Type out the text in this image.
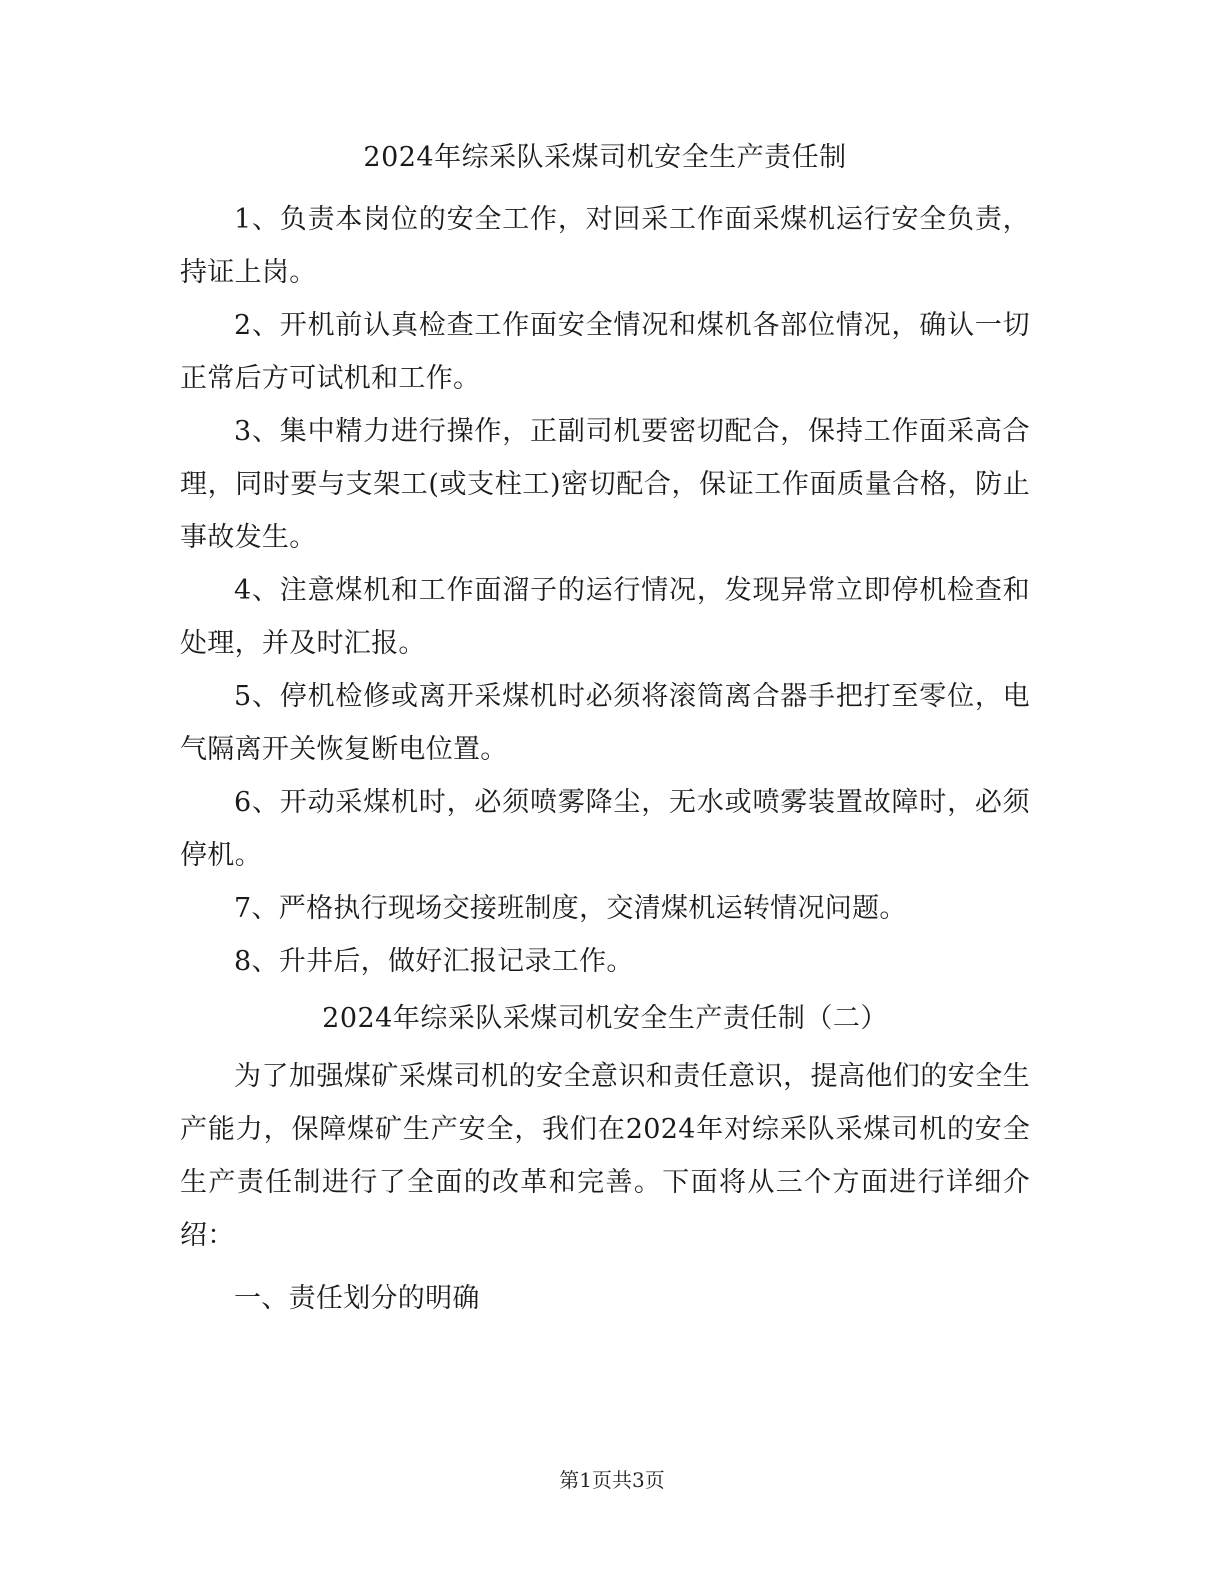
2024年综采队采煤司机安全生产责任制

1、负责本岗位的安全工作，对回采工作面采煤机运行安全负责，持证上岗。

2、开机前认真检查工作面安全情况和煤机各部位情况，确认一切正常后方可试机和工作。

3、集中精力进行操作，正副司机要密切配合，保持工作面采高合理，同时要与支架工(或支柱工)密切配合，保证工作面质量合格，防止事故发生。

4、注意煤机和工作面溜子的运行情况，发现异常立即停机检查和处理，并及时汇报。

5、停机检修或离开采煤机时必须将滚筒离合器手把打至零位，电气隔离开关恢复断电位置。

6、开动采煤机时，必须喷雾降尘，无水或喷雾装置故障时，必须停机。

7、严格执行现场交接班制度，交清煤机运转情况问题。

8、升井后，做好汇报记录工作。

2024年综采队采煤司机安全生产责任制（二）

为了加强煤矿采煤司机的安全意识和责任意识，提高他们的安全生产能力，保障煤矿生产安全，我们在2024年对综采队采煤司机的安全生产责任制进行了全面的改革和完善。下面将从三个方面进行详细介绍：

一、责任划分的明确

第1页共3页
